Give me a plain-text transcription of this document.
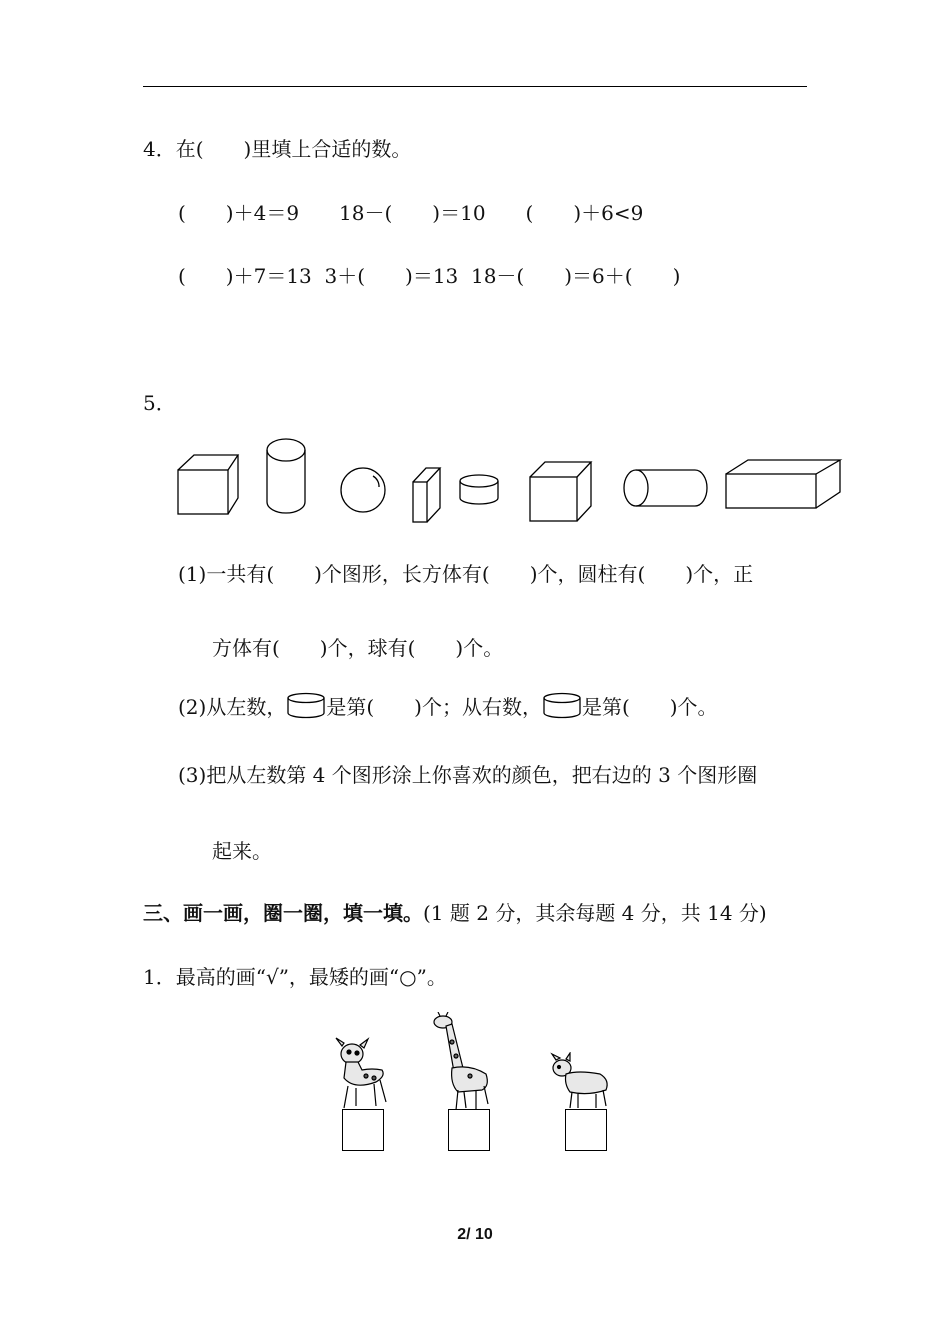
4．在(　　)里填上合适的数。
(　　)＋4＝9　　18－(　　)＝10　　(　　)＋6<9
(　　)＋7＝13  3＋(　　)＝13  18－(　　)＝6＋(　　)
5．
(1)一共有(　　)个图形，长方体有(　　)个，圆柱有(　　)个，正
方体有(　　)个，球有(　　)个。
(2)从左数， 是第(　　)个；从右数， 是第(　　)个。
(3)把从左数第 4 个图形涂上你喜欢的颜色，把右边的 3 个图形圈
起来。
三、画一画，圈一圈，填一填。(1 题 2 分，其余每题 4 分，共 14 分)
1．最高的画“√”，最矮的画“○”。
2/ 10
